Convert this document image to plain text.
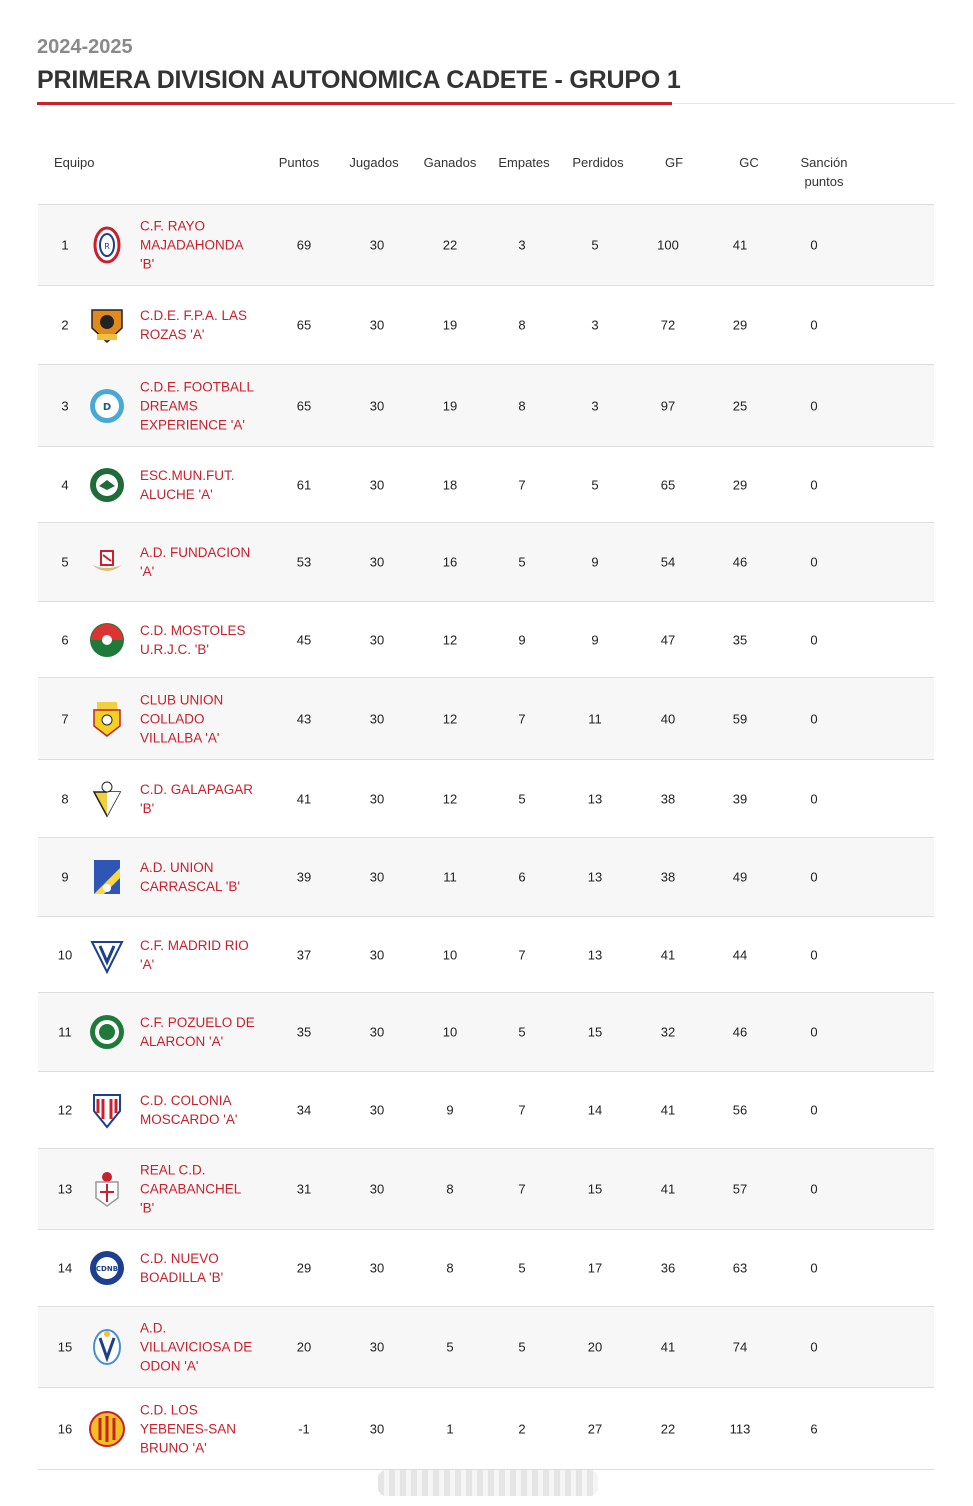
2024-2025
PRIMERA DIVISION AUTONOMICA CADETE - GRUPO 1
Equipo	Puntos	Jugados	Ganados	Empates	Perdidos	GF	GC	Sanción
puntos
1	R
C.F. RAYO
MAJADAHONDA
'B'
69	30	22	3	5	100	41	0
2
C.D.E. F.P.A. LAS
ROZAS 'A'
65	30	19	8	3	72	29	0
3	D
C.D.E. FOOTBALL
DREAMS
EXPERIENCE 'A'
65	30	19	8	3	97	25	0
4
ESC.MUN.FUT.
ALUCHE 'A'
61	30	18	7	5	65	29	0
5
A.D. FUNDACION
'A'
53	30	16	5	9	54	46	0
6
C.D. MOSTOLES
U.R.J.C. 'B'
45	30	12	9	9	47	35	0
7
CLUB UNION
COLLADO
VILLALBA 'A'
43	30	12	7	11	40	59	0
8
C.D. GALAPAGAR
'B'
41	30	12	5	13	38	39	0
9
A.D. UNION
CARRASCAL 'B'
39	30	11	6	13	38	49	0
10
C.F. MADRID RIO
'A'
37	30	10	7	13	41	44	0
11
C.F. POZUELO DE
ALARCON 'A'
35	30	10	5	15	32	46	0
12
C.D. COLONIA
MOSCARDO 'A'
34	30	9	7	14	41	56	0
13
REAL C.D.
CARABANCHEL
'B'
31	30	8	7	15	41	57	0
14	CDNB
C.D. NUEVO
BOADILLA 'B'
29	30	8	5	17	36	63	0
15
A.D.
VILLAVICIOSA DE
ODON 'A'
20	30	5	5	20	41	74	0
16
C.D. LOS
YEBENES-SAN
BRUNO 'A'
-1	30	1	2	27	22	113	6
